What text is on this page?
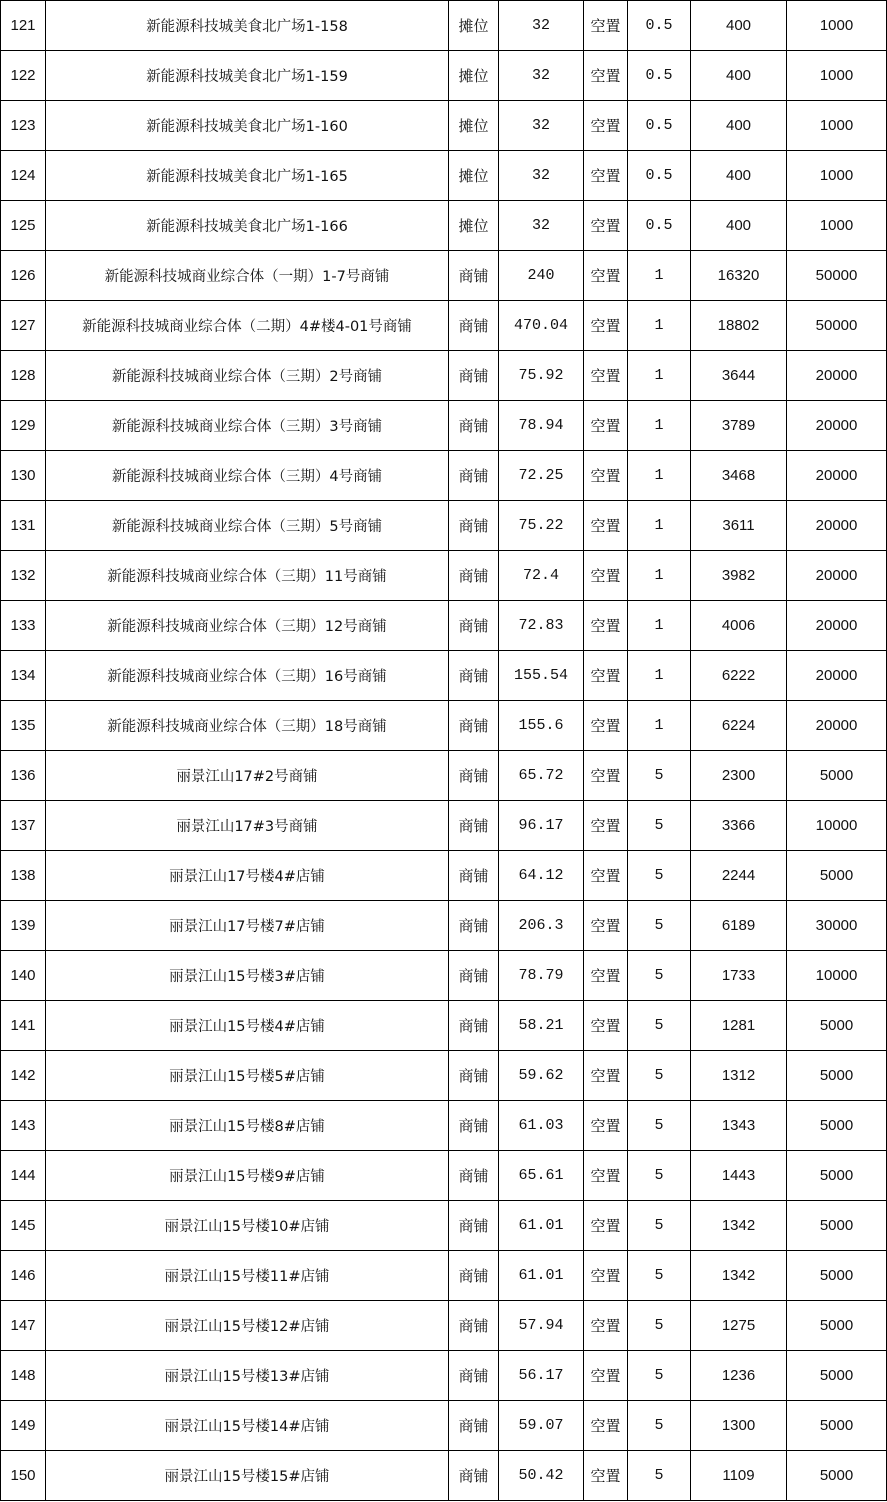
121	新能源科技城美食北广场1-158	摊位	32	空置	0.5	400	1000
122	新能源科技城美食北广场1-159	摊位	32	空置	0.5	400	1000
123	新能源科技城美食北广场1-160	摊位	32	空置	0.5	400	1000
124	新能源科技城美食北广场1-165	摊位	32	空置	0.5	400	1000
125	新能源科技城美食北广场1-166	摊位	32	空置	0.5	400	1000
126	新能源科技城商业综合体（一期）1-7号商铺	商铺	240	空置	1	16320	50000
127	新能源科技城商业综合体（二期）4#楼4-01号商铺	商铺	470.04	空置	1	18802	50000
128	新能源科技城商业综合体（三期）2号商铺	商铺	75.92	空置	1	3644	20000
129	新能源科技城商业综合体（三期）3号商铺	商铺	78.94	空置	1	3789	20000
130	新能源科技城商业综合体（三期）4号商铺	商铺	72.25	空置	1	3468	20000
131	新能源科技城商业综合体（三期）5号商铺	商铺	75.22	空置	1	3611	20000
132	新能源科技城商业综合体（三期）11号商铺	商铺	72.4	空置	1	3982	20000
133	新能源科技城商业综合体（三期）12号商铺	商铺	72.83	空置	1	4006	20000
134	新能源科技城商业综合体（三期）16号商铺	商铺	155.54	空置	1	6222	20000
135	新能源科技城商业综合体（三期）18号商铺	商铺	155.6	空置	1	6224	20000
136	丽景江山17#2号商铺	商铺	65.72	空置	5	2300	5000
137	丽景江山17#3号商铺	商铺	96.17	空置	5	3366	10000
138	丽景江山17号楼4#店铺	商铺	64.12	空置	5	2244	5000
139	丽景江山17号楼7#店铺	商铺	206.3	空置	5	6189	30000
140	丽景江山15号楼3#店铺	商铺	78.79	空置	5	1733	10000
141	丽景江山15号楼4#店铺	商铺	58.21	空置	5	1281	5000
142	丽景江山15号楼5#店铺	商铺	59.62	空置	5	1312	5000
143	丽景江山15号楼8#店铺	商铺	61.03	空置	5	1343	5000
144	丽景江山15号楼9#店铺	商铺	65.61	空置	5	1443	5000
145	丽景江山15号楼10#店铺	商铺	61.01	空置	5	1342	5000
146	丽景江山15号楼11#店铺	商铺	61.01	空置	5	1342	5000
147	丽景江山15号楼12#店铺	商铺	57.94	空置	5	1275	5000
148	丽景江山15号楼13#店铺	商铺	56.17	空置	5	1236	5000
149	丽景江山15号楼14#店铺	商铺	59.07	空置	5	1300	5000
150	丽景江山15号楼15#店铺	商铺	50.42	空置	5	1109	5000
